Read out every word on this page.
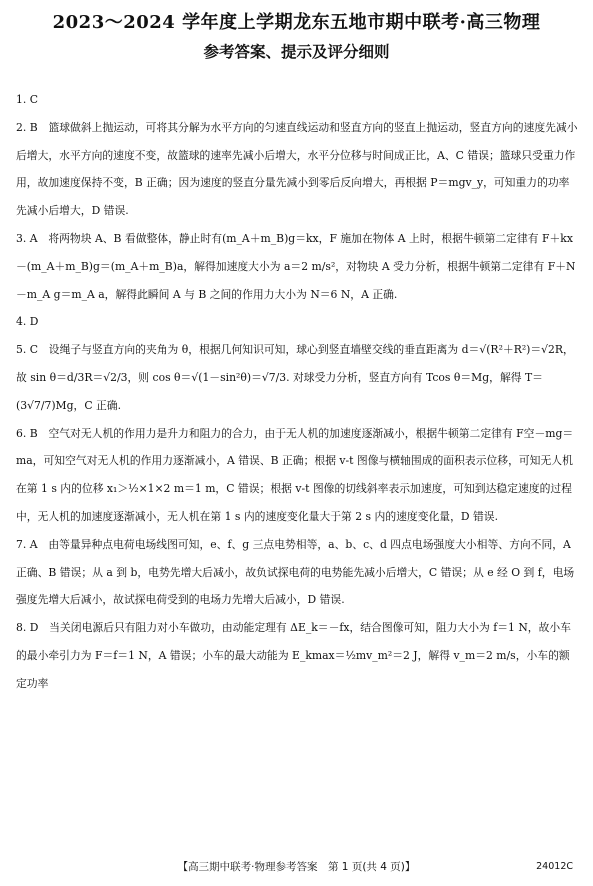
2023～2024 学年度上学期龙东五地市期中联考·高三物理
参考答案、提示及评分细则

1. C

2. B　篮球做斜上抛运动，可将其分解为水平方向的匀速直线运动和竖直方向的竖直上抛运动，竖直方向的速度先减小后增大，水平方向的速度不变，故篮球的速率先减小后增大，水平分位移与时间成正比，A、C 错误；篮球只受重力作用，故加速度保持不变，B 正确；因为速度的竖直分量先减小到零后反向增大，再根据 P＝mgv_y，可知重力的功率先减小后增大，D 错误.

3. A　将两物块 A、B 看做整体，静止时有(m_A＋m_B)g＝kx，F 施加在物体 A 上时，根据牛顿第二定律有 F＋kx－(m_A＋m_B)g＝(m_A＋m_B)a，解得加速度大小为 a＝2 m/s²，对物块 A 受力分析，根据牛顿第二定律有 F＋N－m_A g＝m_A a，解得此瞬间 A 与 B 之间的作用力大小为 N＝6 N，A 正确.

4. D

5. C　设绳子与竖直方向的夹角为 θ，根据几何知识可知，球心到竖直墙壁交线的垂直距离为 d＝√(R²＋R²)＝√2R，故 sin θ＝d/3R＝√2/3，则 cos θ＝√(1－sin²θ)＝√7/3. 对球受力分析，竖直方向有 Tcos θ＝Mg，解得 T＝(3√7/7)Mg，C 正确.

6. B　空气对无人机的作用力是升力和阻力的合力，由于无人机的加速度逐渐减小，根据牛顿第二定律有 F空－mg＝ma，可知空气对无人机的作用力逐渐减小，A 错误、B 正确；根据 v-t 图像与横轴围成的面积表示位移，可知无人机在第 1 s 内的位移 x₁＞½×1×2 m＝1 m，C 错误；根据 v-t 图像的切线斜率表示加速度，可知到达稳定速度的过程中，无人机的加速度逐渐减小，无人机在第 1 s 内的速度变化量大于第 2 s 内的速度变化量，D 错误.

7. A　由等量异种点电荷电场线图可知，e、f、g 三点电势相等，a、b、c、d 四点电场强度大小相等、方向不同，A 正确、B 错误；从 a 到 b，电势先增大后减小，故负试探电荷的电势能先减小后增大，C 错误；从 e 经 O 到 f，电场强度先增大后减小，故试探电荷受到的电场力先增大后减小，D 错误.

8. D　当关闭电源后只有阻力对小车做功，由动能定理有 ΔE_k＝－fx，结合图像可知，阻力大小为 f＝1 N，故小车的最小牵引力为 F＝f＝1 N，A 错误；小车的最大动能为 E_kmax＝½mv_m²＝2 J，解得 v_m＝2 m/s，小车的额定功率

【高三期中联考·物理参考答案　第 1 页(共 4 页)】	24012C
